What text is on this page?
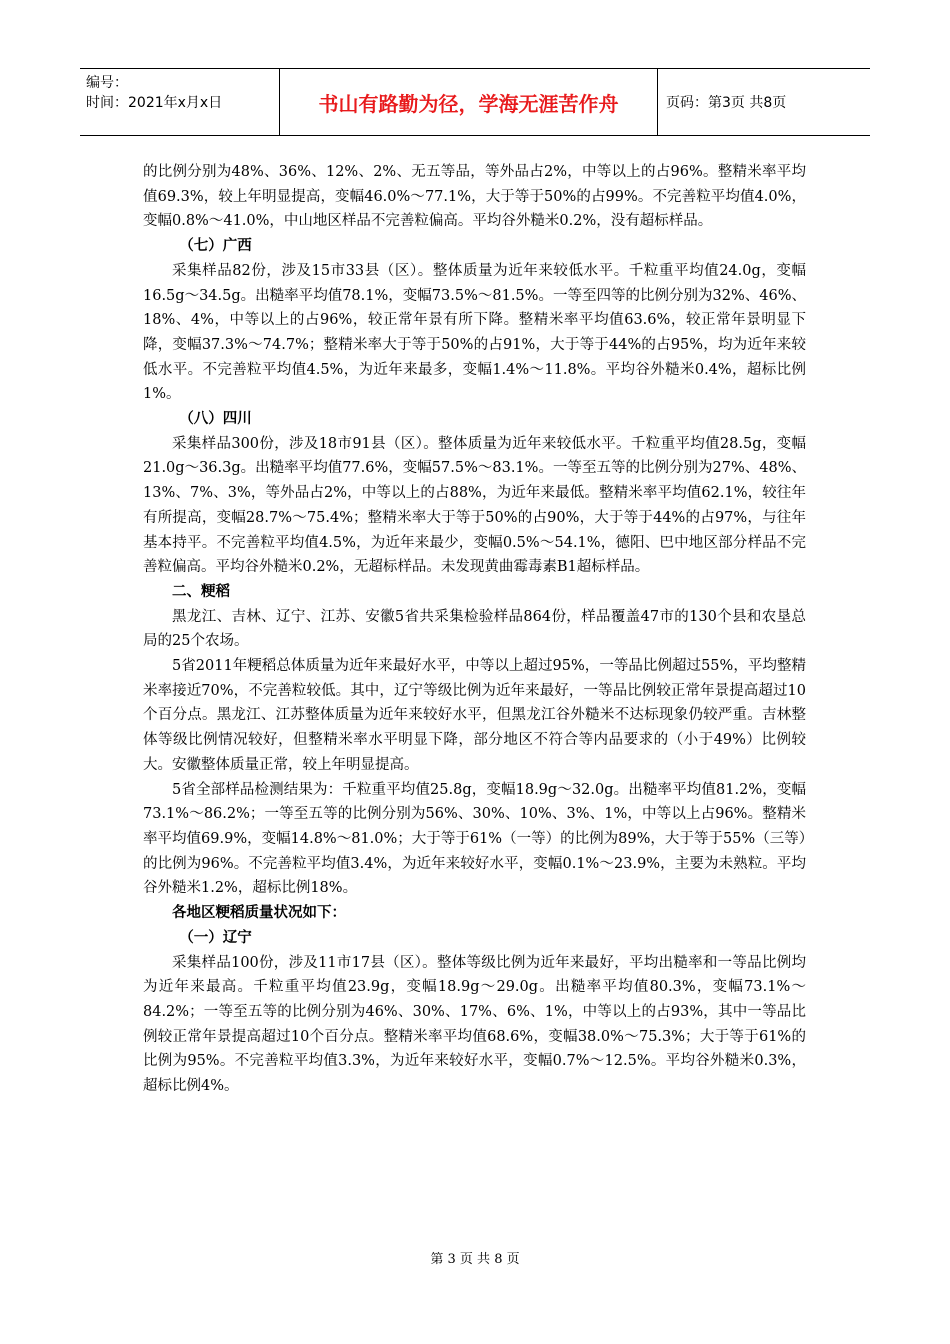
编号：
时间：2021年x月x日	书山有路勤为径，学海无涯苦作舟	页码：第3页 共8页

的比例分别为48%、36%、12%、2%、无五等品，等外品占2%，中等以上的占96%。整精米率平均值69.3%，较上年明显提高，变幅46.0%～77.1%，大于等于50%的占99%。不完善粒平均值4.0%，变幅0.8%～41.0%，中山地区样品不完善粒偏高。平均谷外糙米0.2%，没有超标样品。

（七）广西

采集样品82份，涉及15市33县（区）。整体质量为近年来较低水平。千粒重平均值24.0g，变幅16.5g～34.5g。出糙率平均值78.1%，变幅73.5%～81.5%。一等至四等的比例分别为32%、46%、18%、4%，中等以上的占96%，较正常年景有所下降。整精米率平均值63.6%，较正常年景明显下降，变幅37.3%～74.7%；整精米率大于等于50%的占91%，大于等于44%的占95%，均为近年来较低水平。不完善粒平均值4.5%，为近年来最多，变幅1.4%～11.8%。平均谷外糙米0.4%，超标比例1%。

（八）四川

采集样品300份，涉及18市91县（区）。整体质量为近年来较低水平。千粒重平均值28.5g，变幅21.0g～36.3g。出糙率平均值77.6%，变幅57.5%～83.1%。一等至五等的比例分别为27%、48%、13%、7%、3%，等外品占2%，中等以上的占88%，为近年来最低。整精米率平均值62.1%，较往年有所提高，变幅28.7%～75.4%；整精米率大于等于50%的占90%，大于等于44%的占97%，与往年基本持平。不完善粒平均值4.5%，为近年来最少，变幅0.5%～54.1%，德阳、巴中地区部分样品不完善粒偏高。平均谷外糙米0.2%，无超标样品。未发现黄曲霉毒素B1超标样品。

二、粳稻

黑龙江、吉林、辽宁、江苏、安徽5省共采集检验样品864份，样品覆盖47市的130个县和农垦总局的25个农场。

5省2011年粳稻总体质量为近年来最好水平，中等以上超过95%，一等品比例超过55%，平均整精米率接近70%，不完善粒较低。其中，辽宁等级比例为近年来最好，一等品比例较正常年景提高超过10个百分点。黑龙江、江苏整体质量为近年来较好水平，但黑龙江谷外糙米不达标现象仍较严重。吉林整体等级比例情况较好，但整精米率水平明显下降，部分地区不符合等内品要求的（小于49%）比例较大。安徽整体质量正常，较上年明显提高。

5省全部样品检测结果为：千粒重平均值25.8g，变幅18.9g～32.0g。出糙率平均值81.2%，变幅73.1%～86.2%；一等至五等的比例分别为56%、30%、10%、3%、1%，中等以上占96%。整精米率平均值69.9%，变幅14.8%～81.0%；大于等于61%（一等）的比例为89%，大于等于55%（三等）的比例为96%。不完善粒平均值3.4%，为近年来较好水平，变幅0.1%～23.9%，主要为未熟粒。平均谷外糙米1.2%，超标比例18%。

各地区粳稻质量状况如下：

（一）辽宁

采集样品100份，涉及11市17县（区）。整体等级比例为近年来最好，平均出糙率和一等品比例均为近年来最高。千粒重平均值23.9g，变幅18.9g～29.0g。出糙率平均值80.3%，变幅73.1%～84.2%；一等至五等的比例分别为46%、30%、17%、6%、1%，中等以上的占93%，其中一等品比例较正常年景提高超过10个百分点。整精米率平均值68.6%，变幅38.0%～75.3%；大于等于61%的比例为95%。不完善粒平均值3.3%，为近年来较好水平，变幅0.7%～12.5%。平均谷外糙米0.3%，超标比例4%。

第 3 页 共 8 页
